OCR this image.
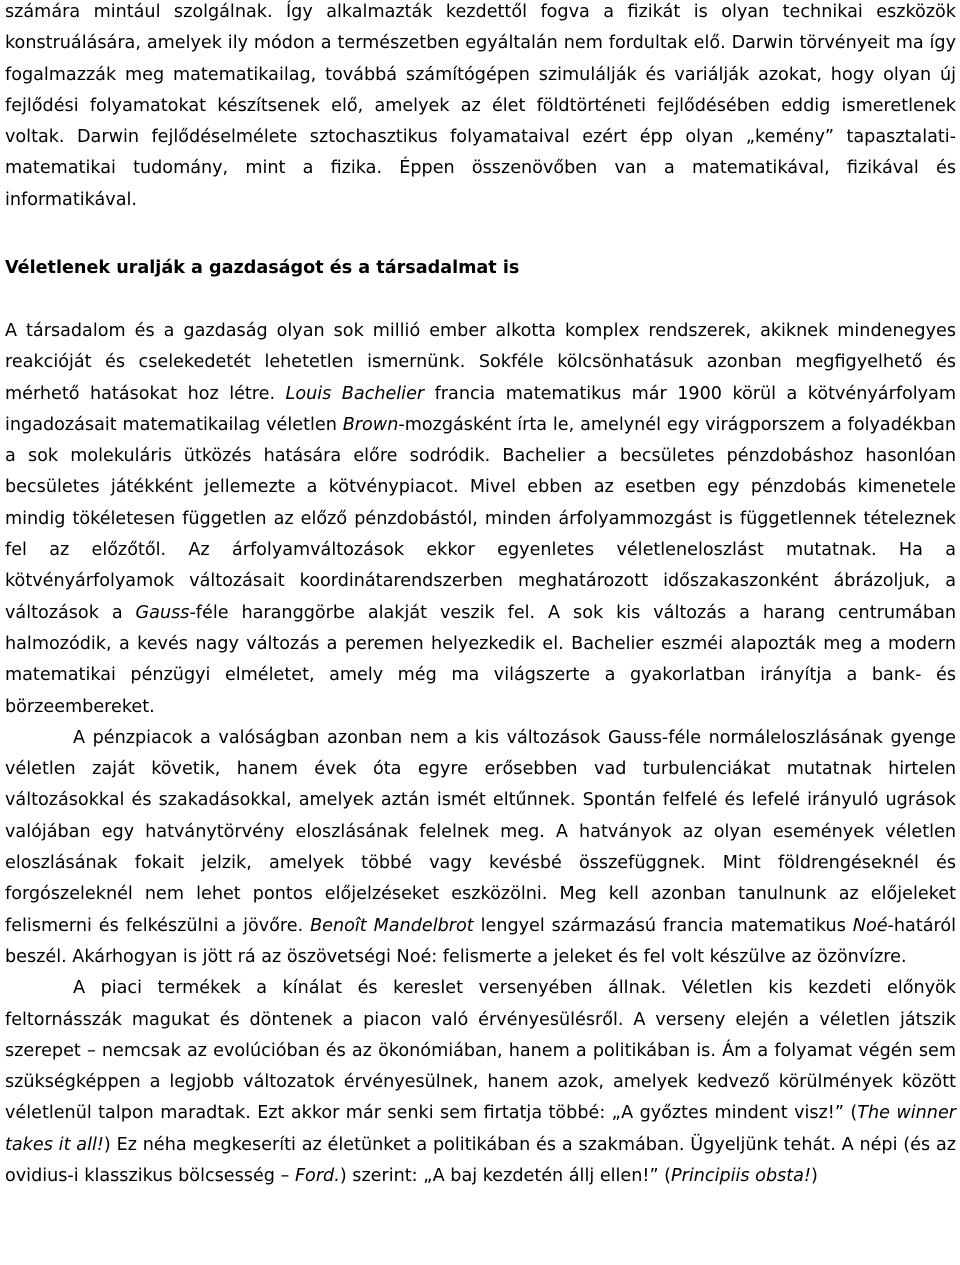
számára mintául szolgálnak. Így alkalmazták kezdettől fogva a fizikát is olyan technikai eszközök konstruálására, amelyek ily módon a természetben egyáltalán nem fordultak elő. Darwin törvényeit ma így fogalmazzák meg matematikailag, továbbá számítógépen szimulálják és variálják azokat, hogy olyan új fejlődési folyamatokat készítsenek elő, amelyek az élet földtörténeti fejlődésében eddig ismeretlenek voltak. Darwin fejlődéselmélete sztochasztikus folyamataival ezért épp olyan „kemény” tapasztalati-matematikai tudomány, mint a fizika. Éppen összenövőben van a matematikával, fizikával és informatikával.

Véletlenek uralják a gazdaságot és a társadalmat is

A társadalom és a gazdaság olyan sok millió ember alkotta komplex rendszerek, akiknek mindenegyes reakcióját és cselekedetét lehetetlen ismernünk. Sokféle kölcsönhatásuk azonban megfigyelhető és mérhető hatásokat hoz létre. Louis Bachelier francia matematikus már 1900 körül a kötvényárfolyam ingadozásait matematikailag véletlen Brown-mozgásként írta le, amelynél egy virágporszem a folyadékban a sok molekuláris ütközés hatására előre sodródik. Bachelier a becsületes pénzdobáshoz hasonlóan becsületes játékként jellemezte a kötvénypiacot. Mivel ebben az esetben egy pénzdobás kimenetele mindig tökéletesen független az előző pénzdobástól, minden árfolyammozgást is függetlennek tételeznek fel az előzőtől. Az árfolyamváltozások ekkor egyenletes véletleneloszlást mutatnak. Ha a kötvényárfolyamok változásait koordinátarendszerben meghatározott időszakaszonként ábrázoljuk, a változások a Gauss-féle haranggörbe alakját veszik fel. A sok kis változás a harang centrumában halmozódik, a kevés nagy változás a peremen helyezkedik el. Bachelier eszméi alapozták meg a modern matematikai pénzügyi elméletet, amely még ma világszerte a gyakorlatban irányítja a bank- és börzeembereket.

A pénzpiacok a valóságban azonban nem a kis változások Gauss-féle normáleloszlásának gyenge véletlen zaját követik, hanem évek óta egyre erősebben vad turbulenciákat mutatnak hirtelen változásokkal és szakadásokkal, amelyek aztán ismét eltűnnek. Spontán felfelé és lefelé irányuló ugrások valójában egy hatványtörvény eloszlásának felelnek meg. A hatványok az olyan események véletlen eloszlásának fokait jelzik, amelyek többé vagy kevésbé összefüggnek. Mint földrengéseknél és forgószeleknél nem lehet pontos előjelzéseket eszközölni. Meg kell azonban tanulnunk az előjeleket felismerni és felkészülni a jövőre. Benoît Mandelbrot lengyel származású francia matematikus Noé-határól beszél. Akárhogyan is jött rá az öszövetségi Noé: felismerte a jeleket és fel volt készülve az özönvízre.

A piaci termékek a kínálat és kereslet versenyében állnak. Véletlen kis kezdeti előnyök feltornásszák magukat és döntenek a piacon való érvényesülésről. A verseny elején a véletlen játszik szerepet – nemcsak az evolúcióban és az ökonómiában, hanem a politikában is. Ám a folyamat végén sem szükségképpen a legjobb változatok érvényesülnek, hanem azok, amelyek kedvező körülmények között véletlenül talpon maradtak. Ezt akkor már senki sem firtatja többé: „A győztes mindent visz!” (The winner takes it all!) Ez néha megkeseríti az életünket a politikában és a szakmában. Ügyeljünk tehát. A népi (és az ovidius-i klasszikus bölcsesség – Ford.) szerint: „A baj kezdetén állj ellen!” (Principiis obsta!)
